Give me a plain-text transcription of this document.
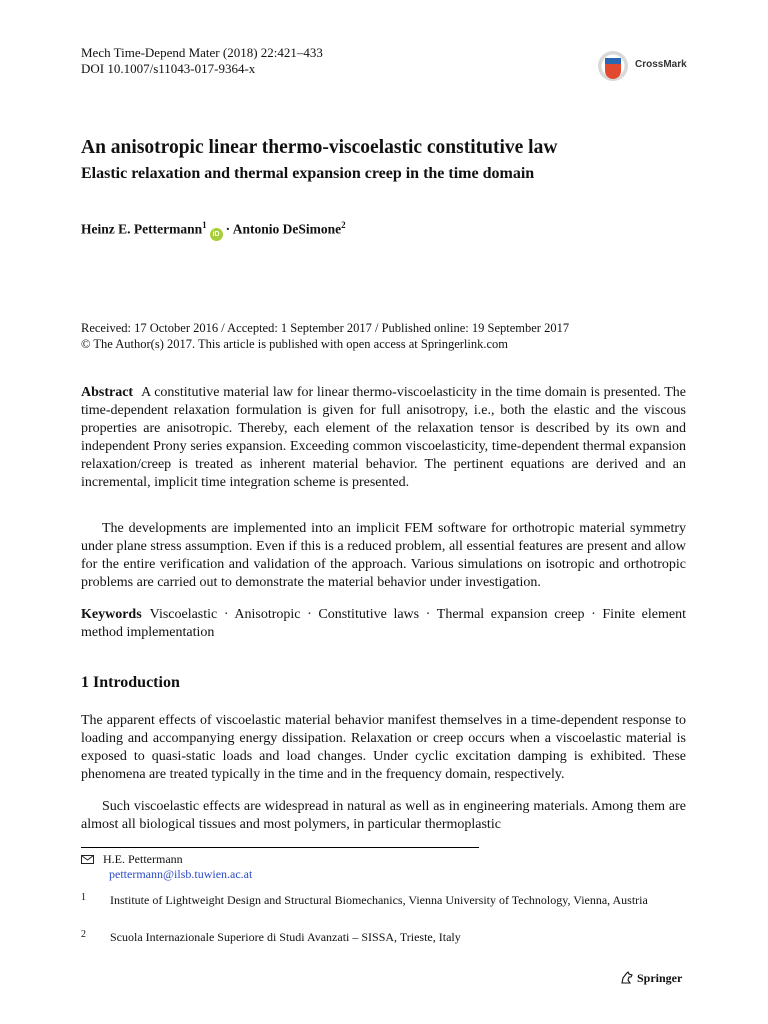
Mech Time-Depend Mater (2018) 22:421–433
DOI 10.1007/s11043-017-9364-x	CrossMark
An anisotropic linear thermo-viscoelastic constitutive law
Elastic relaxation and thermal expansion creep in the time domain
Heinz E. Pettermann$^1$
iD · Antonio DeSimone$^2$
Received: 17 October 2016 / Accepted: 1 September 2017 / Published online: 19 September 2017
© The Author(s) 2017. This article is published with open access at Springerlink.com
Abstract A constitutive material law for linear thermo-viscoelasticity in the time domain is presented. The time-dependent relaxation formulation is given for full anisotropy, i.e., both the elastic and the viscous properties are anisotropic. Thereby, each element of the relaxation tensor is described by its own and independent Prony series expansion. Exceeding common viscoelasticity, time-dependent thermal expansion relaxation/creep is treated as inherent material behavior. The pertinent equations are derived and an incremental, implicit time integration scheme is presented.
The developments are implemented into an implicit FEM software for orthotropic material symmetry under plane stress assumption. Even if this is a reduced problem, all essential features are present and allow for the entire verification and validation of the approach. Various simulations on isotropic and orthotropic problems are carried out to demonstrate the material behavior under investigation.
Keywords Viscoelastic · Anisotropic · Constitutive laws · Thermal expansion creep · Finite element method implementation
1 Introduction
The apparent effects of viscoelastic material behavior manifest themselves in a time-dependent response to loading and accompanying energy dissipation. Relaxation or creep occurs when a viscoelastic material is exposed to quasi-static loads and load changes. Under cyclic excitation damping is exhibited. These phenomena are treated typically in the time and in the frequency domain, respectively.
Such viscoelastic effects are widespread in natural as well as in engineering materials. Among them are almost all biological tissues and most polymers, in particular thermoplastic
H.E. Pettermann
pettermann@ilsb.tuwien.ac.at
1 Institute of Lightweight Design and Structural Biomechanics, Vienna University of Technology, Vienna, Austria
2 Scuola Internazionale Superiore di Studi Avanzati – SISSA, Trieste, Italy
Springer
